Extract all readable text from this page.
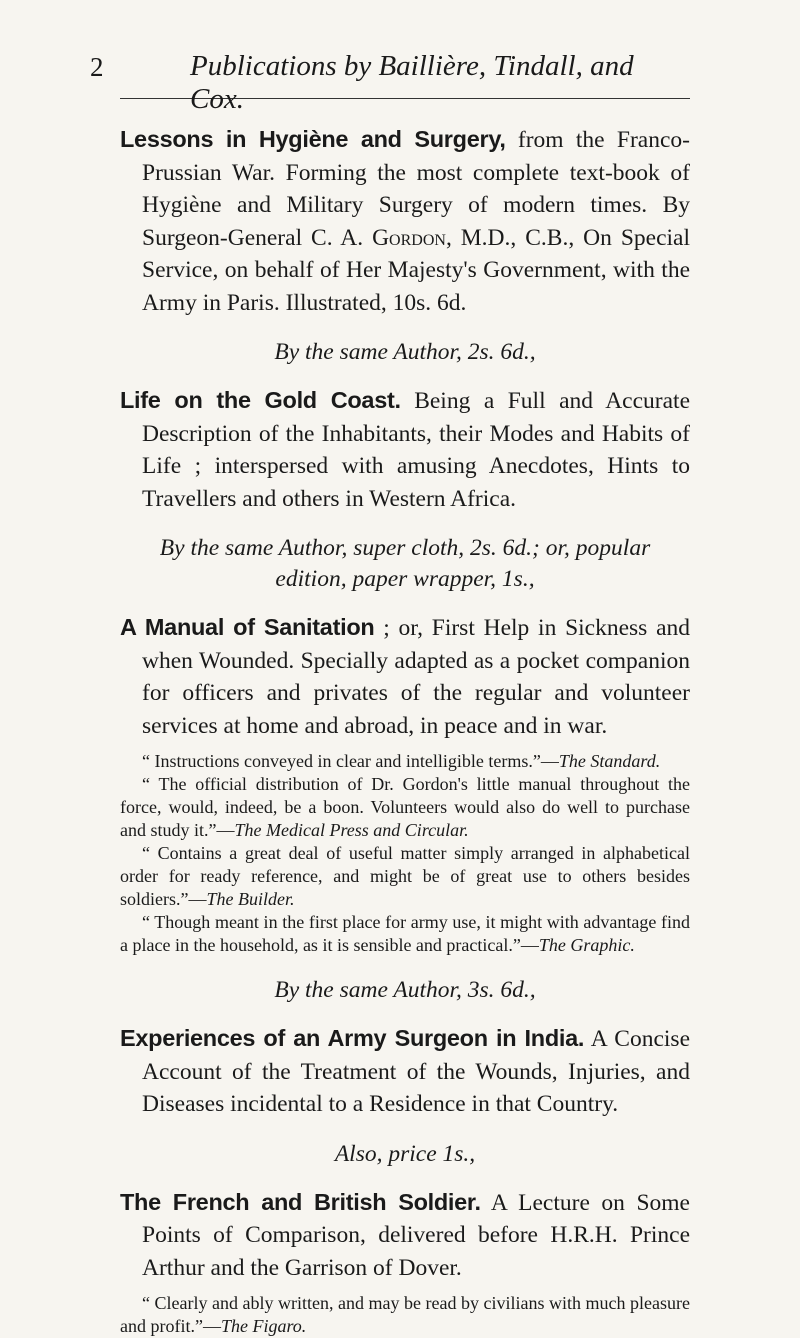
2	Publications by Baillière, Tindall, and Cox.
Lessons in Hygiène and Surgery, from the Franco-Prussian War. Forming the most complete text-book of Hygiène and Military Surgery of modern times. By Surgeon-General C. A. Gordon, M.D., C.B., On Special Service, on behalf of Her Majesty's Government, with the Army in Paris. Illustrated, 10s. 6d.
By the same Author, 2s. 6d.,
Life on the Gold Coast. Being a Full and Accurate Description of the Inhabitants, their Modes and Habits of Life ; interspersed with amusing Anecdotes, Hints to Travellers and others in Western Africa.
By the same Author, super cloth, 2s. 6d.; or, popular edition, paper wrapper, 1s.,
A Manual of Sanitation ; or, First Help in Sickness and when Wounded. Specially adapted as a pocket companion for officers and privates of the regular and volunteer services at home and abroad, in peace and in war.

“ Instructions conveyed in clear and intelligible terms.”—The Standard.

“ The official distribution of Dr. Gordon's little manual throughout the force, would, indeed, be a boon. Volunteers would also do well to purchase and study it.”—The Medical Press and Circular.

“ Contains a great deal of useful matter simply arranged in alphabetical order for ready reference, and might be of great use to others besides soldiers.”—The Builder.

“ Though meant in the first place for army use, it might with advantage find a place in the household, as it is sensible and practical.”—The Graphic.

By the same Author, 3s. 6d.,
Experiences of an Army Surgeon in India. A Concise Account of the Treatment of the Wounds, Injuries, and Diseases incidental to a Residence in that Country.
Also, price 1s.,
The French and British Soldier. A Lecture on Some Points of Comparison, delivered before H.R.H. Prince Arthur and the Garrison of Dover.

“ Clearly and ably written, and may be read by civilians with much pleasure and profit.”—The Figaro.
